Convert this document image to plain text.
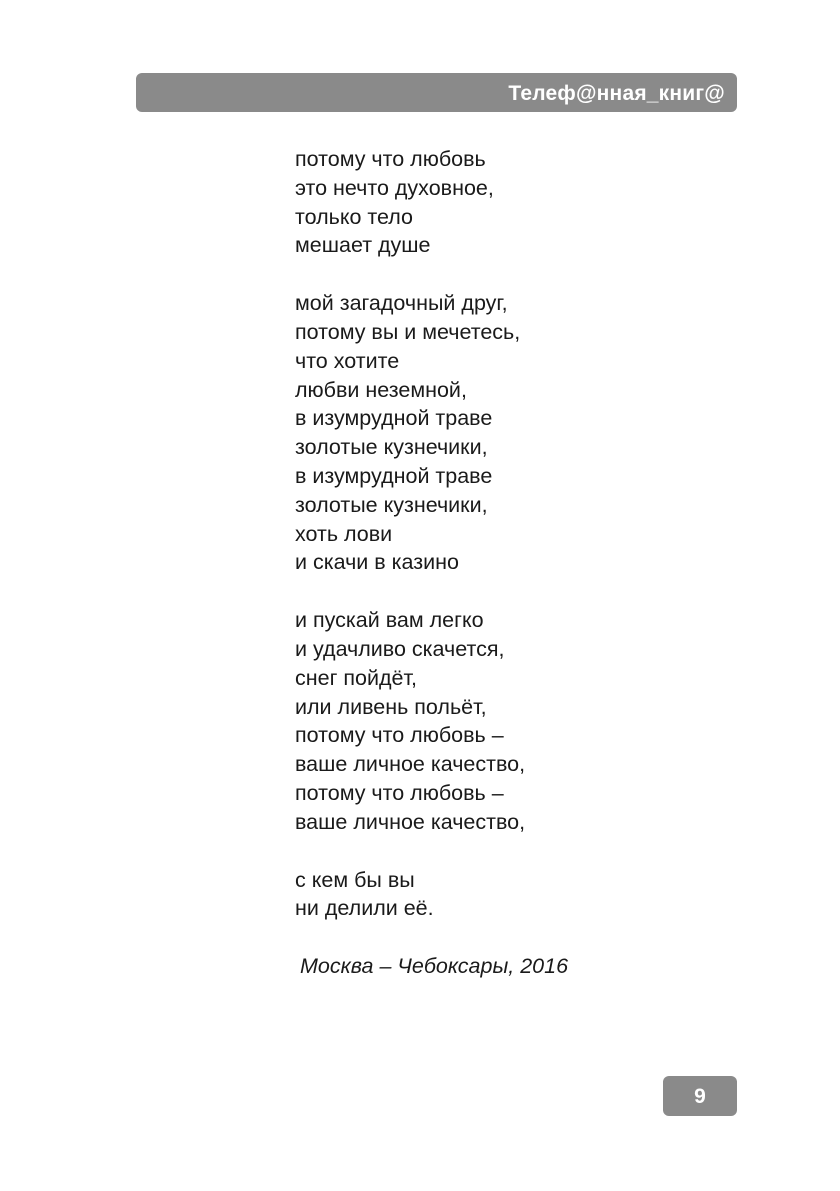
Телеф@нная_книг@
потому что любовь
это нечто духовное,
только тело
мешает душе
мой загадочный друг,
потому вы и мечетесь,
что хотите
любви неземной,
в изумрудной траве
золотые кузнечики,
в изумрудной траве
золотые кузнечики,
хоть лови
и скачи в казино
и пускай вам легко
и удачливо скачется,
снег пойдёт,
или ливень польёт,
потому что любовь –
ваше личное качество,
потому что любовь –
ваше личное качество,
с кем бы вы
ни делили её.
Москва – Чебоксары, 2016
9
